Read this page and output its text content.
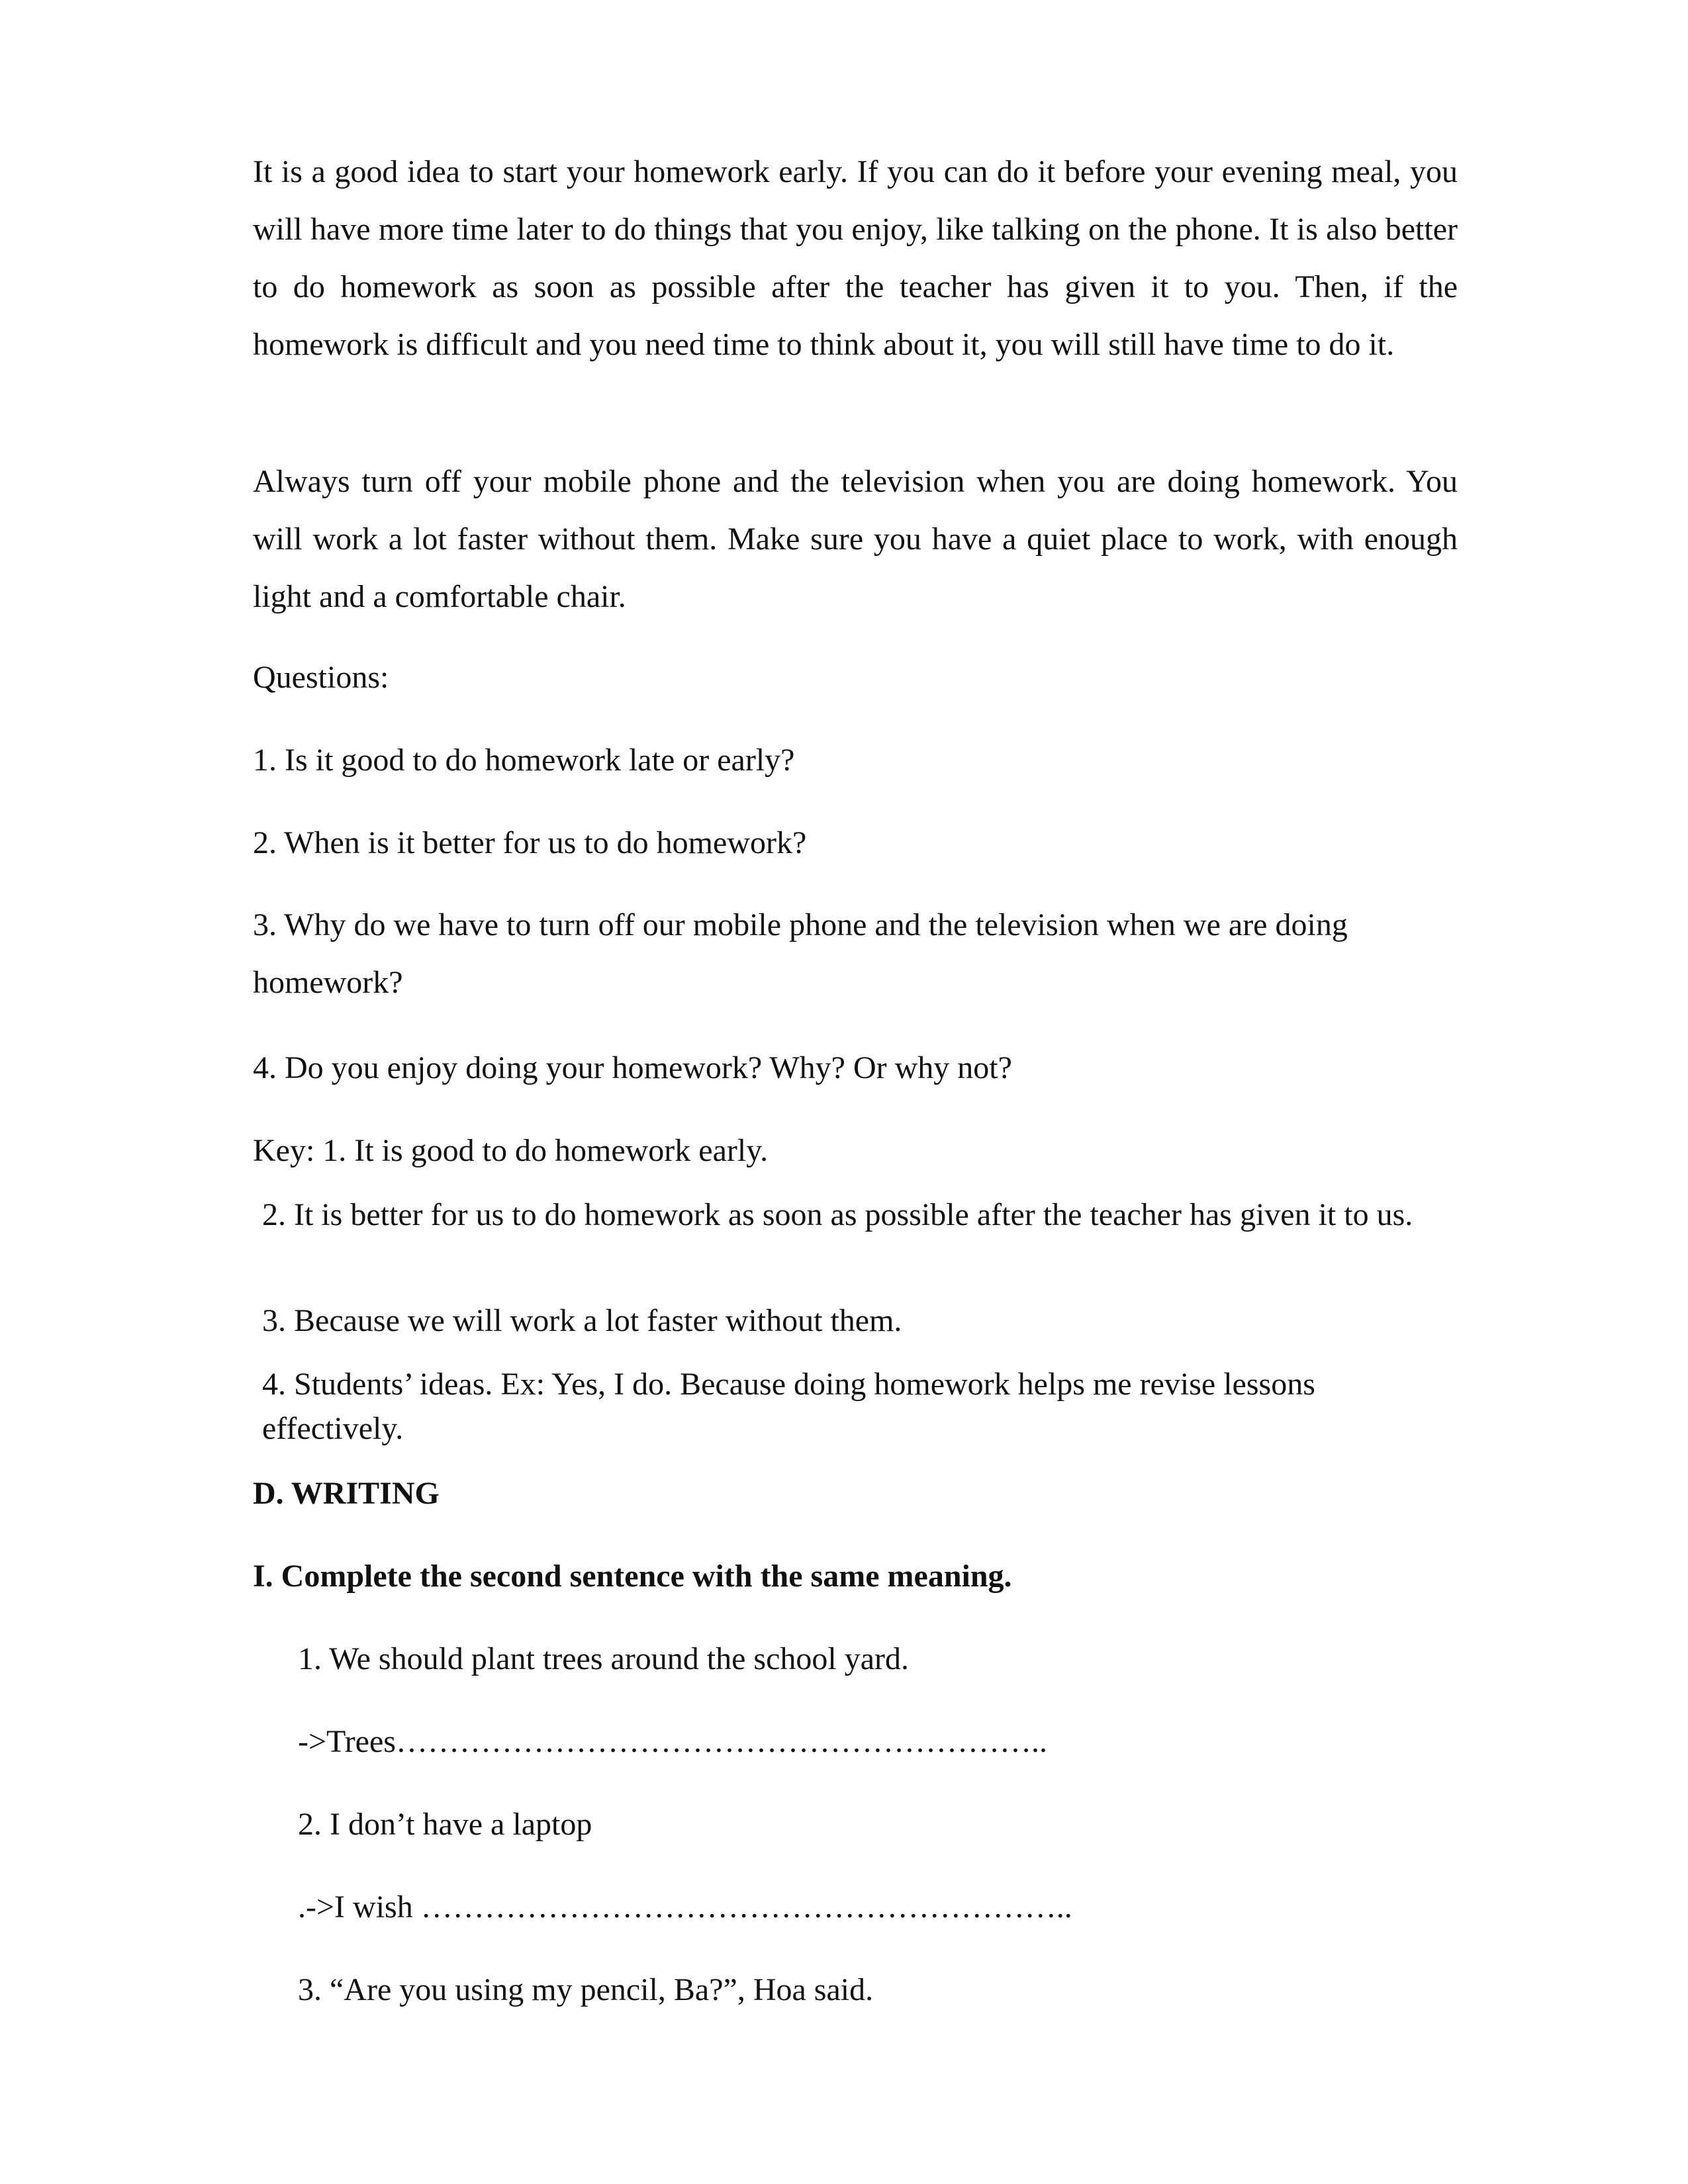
It is a good idea to start your homework early. If you can do it before your evening meal, you will have more time later to do things that you enjoy, like talking on the phone. It is also better to do homework as soon as possible after the teacher has given it to you. Then, if the homework is difficult and you need time to think about it, you will still have time to do it.

Always turn off your mobile phone and the television when you are doing homework. You will work a lot faster without them. Make sure you have a quiet place to work, with enough light and a comfortable chair.

Questions:

1. Is it good to do homework late or early?

2. When is it better for us to do homework?

3. Why do we have to turn off our mobile phone and the television when we are doing homework?

4. Do you enjoy doing your homework? Why? Or why not?

Key: 1. It is good to do homework early.

2. It is better for us to do homework as soon as possible after the teacher has given it to us.

3. Because we will work a lot faster without them.

4. Students’ ideas. Ex: Yes, I do. Because doing homework helps me revise lessons effectively.

D. WRITING

I. Complete the second sentence with the same meaning.

1. We should plant trees around the school yard.

->Trees……………………………………………………..

2. I don’t have a laptop

.->I wish ……………………………………………………..

3. “Are you using my pencil, Ba?”, Hoa said.
